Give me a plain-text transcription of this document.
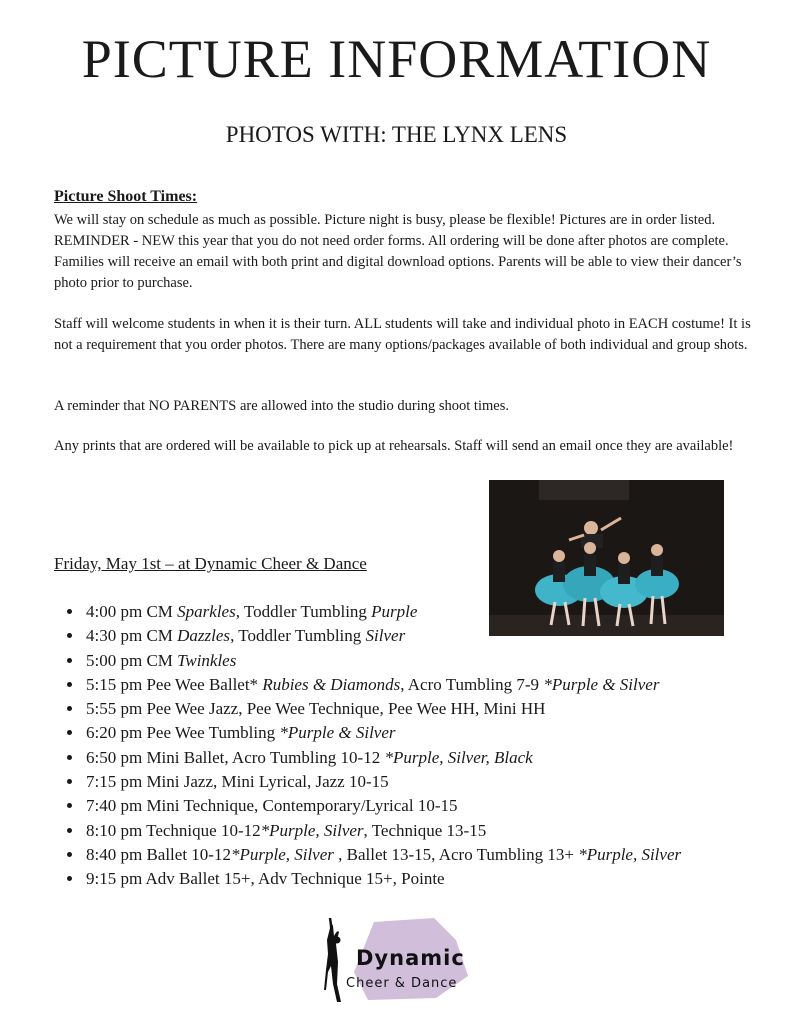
PICTURE INFORMATION
PHOTOS WITH: THE LYNX LENS
Picture Shoot Times:

We will stay on schedule as much as possible. Picture night is busy, please be flexible! Pictures are in order listed. REMINDER - NEW this year that you do not need order forms. All ordering will be done after photos are complete. Families will receive an email with both print and digital download options. Parents will be able to view their dancer’s photo prior to purchase.

Staff will welcome students in when it is their turn. ALL students will take and individual photo in EACH costume! It is not a requirement that you order photos. There are many options/packages available of both individual and group shots.

A reminder that NO PARENTS are allowed into the studio during shoot times.

Any prints that are ordered will be available to pick up at rehearsals. Staff will send an email once they are available!

Friday, May 1st – at Dynamic Cheer & Dance
• 4:00 pm CM Sparkles, Toddler Tumbling Purple
• 4:30 pm CM Dazzles, Toddler Tumbling Silver
• 5:00 pm CM Twinkles
• 5:15 pm Pee Wee Ballet* Rubies & Diamonds, Acro Tumbling 7-9 *Purple & Silver
• 5:55 pm Pee Wee Jazz, Pee Wee Technique, Pee Wee HH, Mini HH
• 6:20 pm Pee Wee Tumbling *Purple & Silver
• 6:50 pm Mini Ballet, Acro Tumbling 10-12 *Purple, Silver, Black
• 7:15 pm Mini Jazz, Mini Lyrical, Jazz 10-15
• 7:40 pm Mini Technique, Contemporary/Lyrical 10-15
• 8:10 pm Technique 10-12*Purple, Silver, Technique 13-15
• 8:40 pm Ballet 10-12*Purple, Silver , Ballet 13-15, Acro Tumbling 13+ *Purple, Silver
• 9:15 pm Adv Ballet 15+, Adv Technique 15+, Pointe
Dynamic
Cheer & Dance
